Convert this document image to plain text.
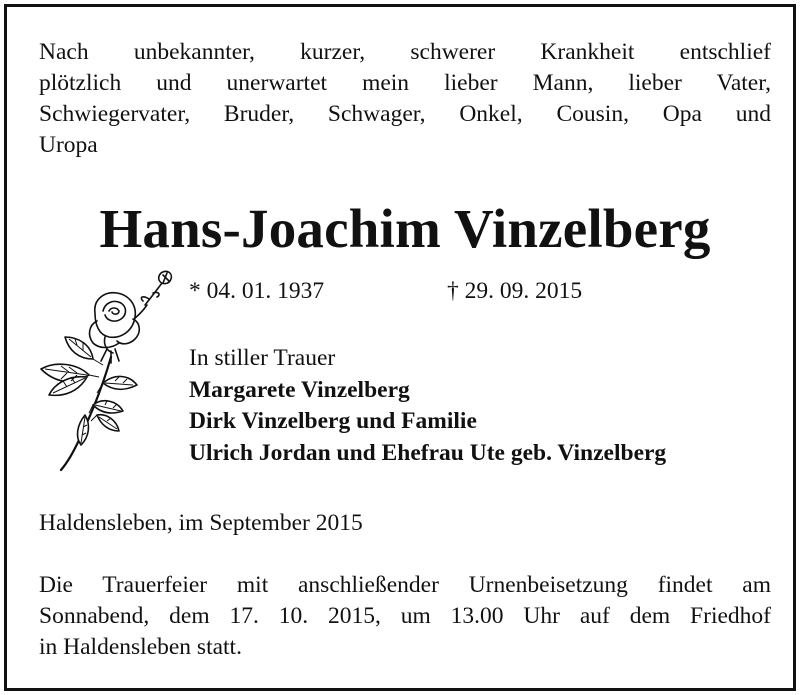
Nach unbekannter, kurzer, schwerer Krankheit entschlief
plötzlich und unerwartet mein lieber Mann, lieber Vater,
Schwiegervater, Bruder, Schwager, Onkel, Cousin, Opa und
Uropa
Hans-Joachim Vinzelberg
* 04. 01. 1937	† 29. 09. 2015
In stiller Trauer
Margarete Vinzelberg
Dirk Vinzelberg und Familie
Ulrich Jordan und Ehefrau Ute geb. Vinzelberg
Haldensleben, im September 2015
Die Trauerfeier mit anschließender Urnenbeisetzung findet am
Sonnabend, dem 17. 10. 2015, um 13.00 Uhr auf dem Friedhof
in Haldensleben statt.
